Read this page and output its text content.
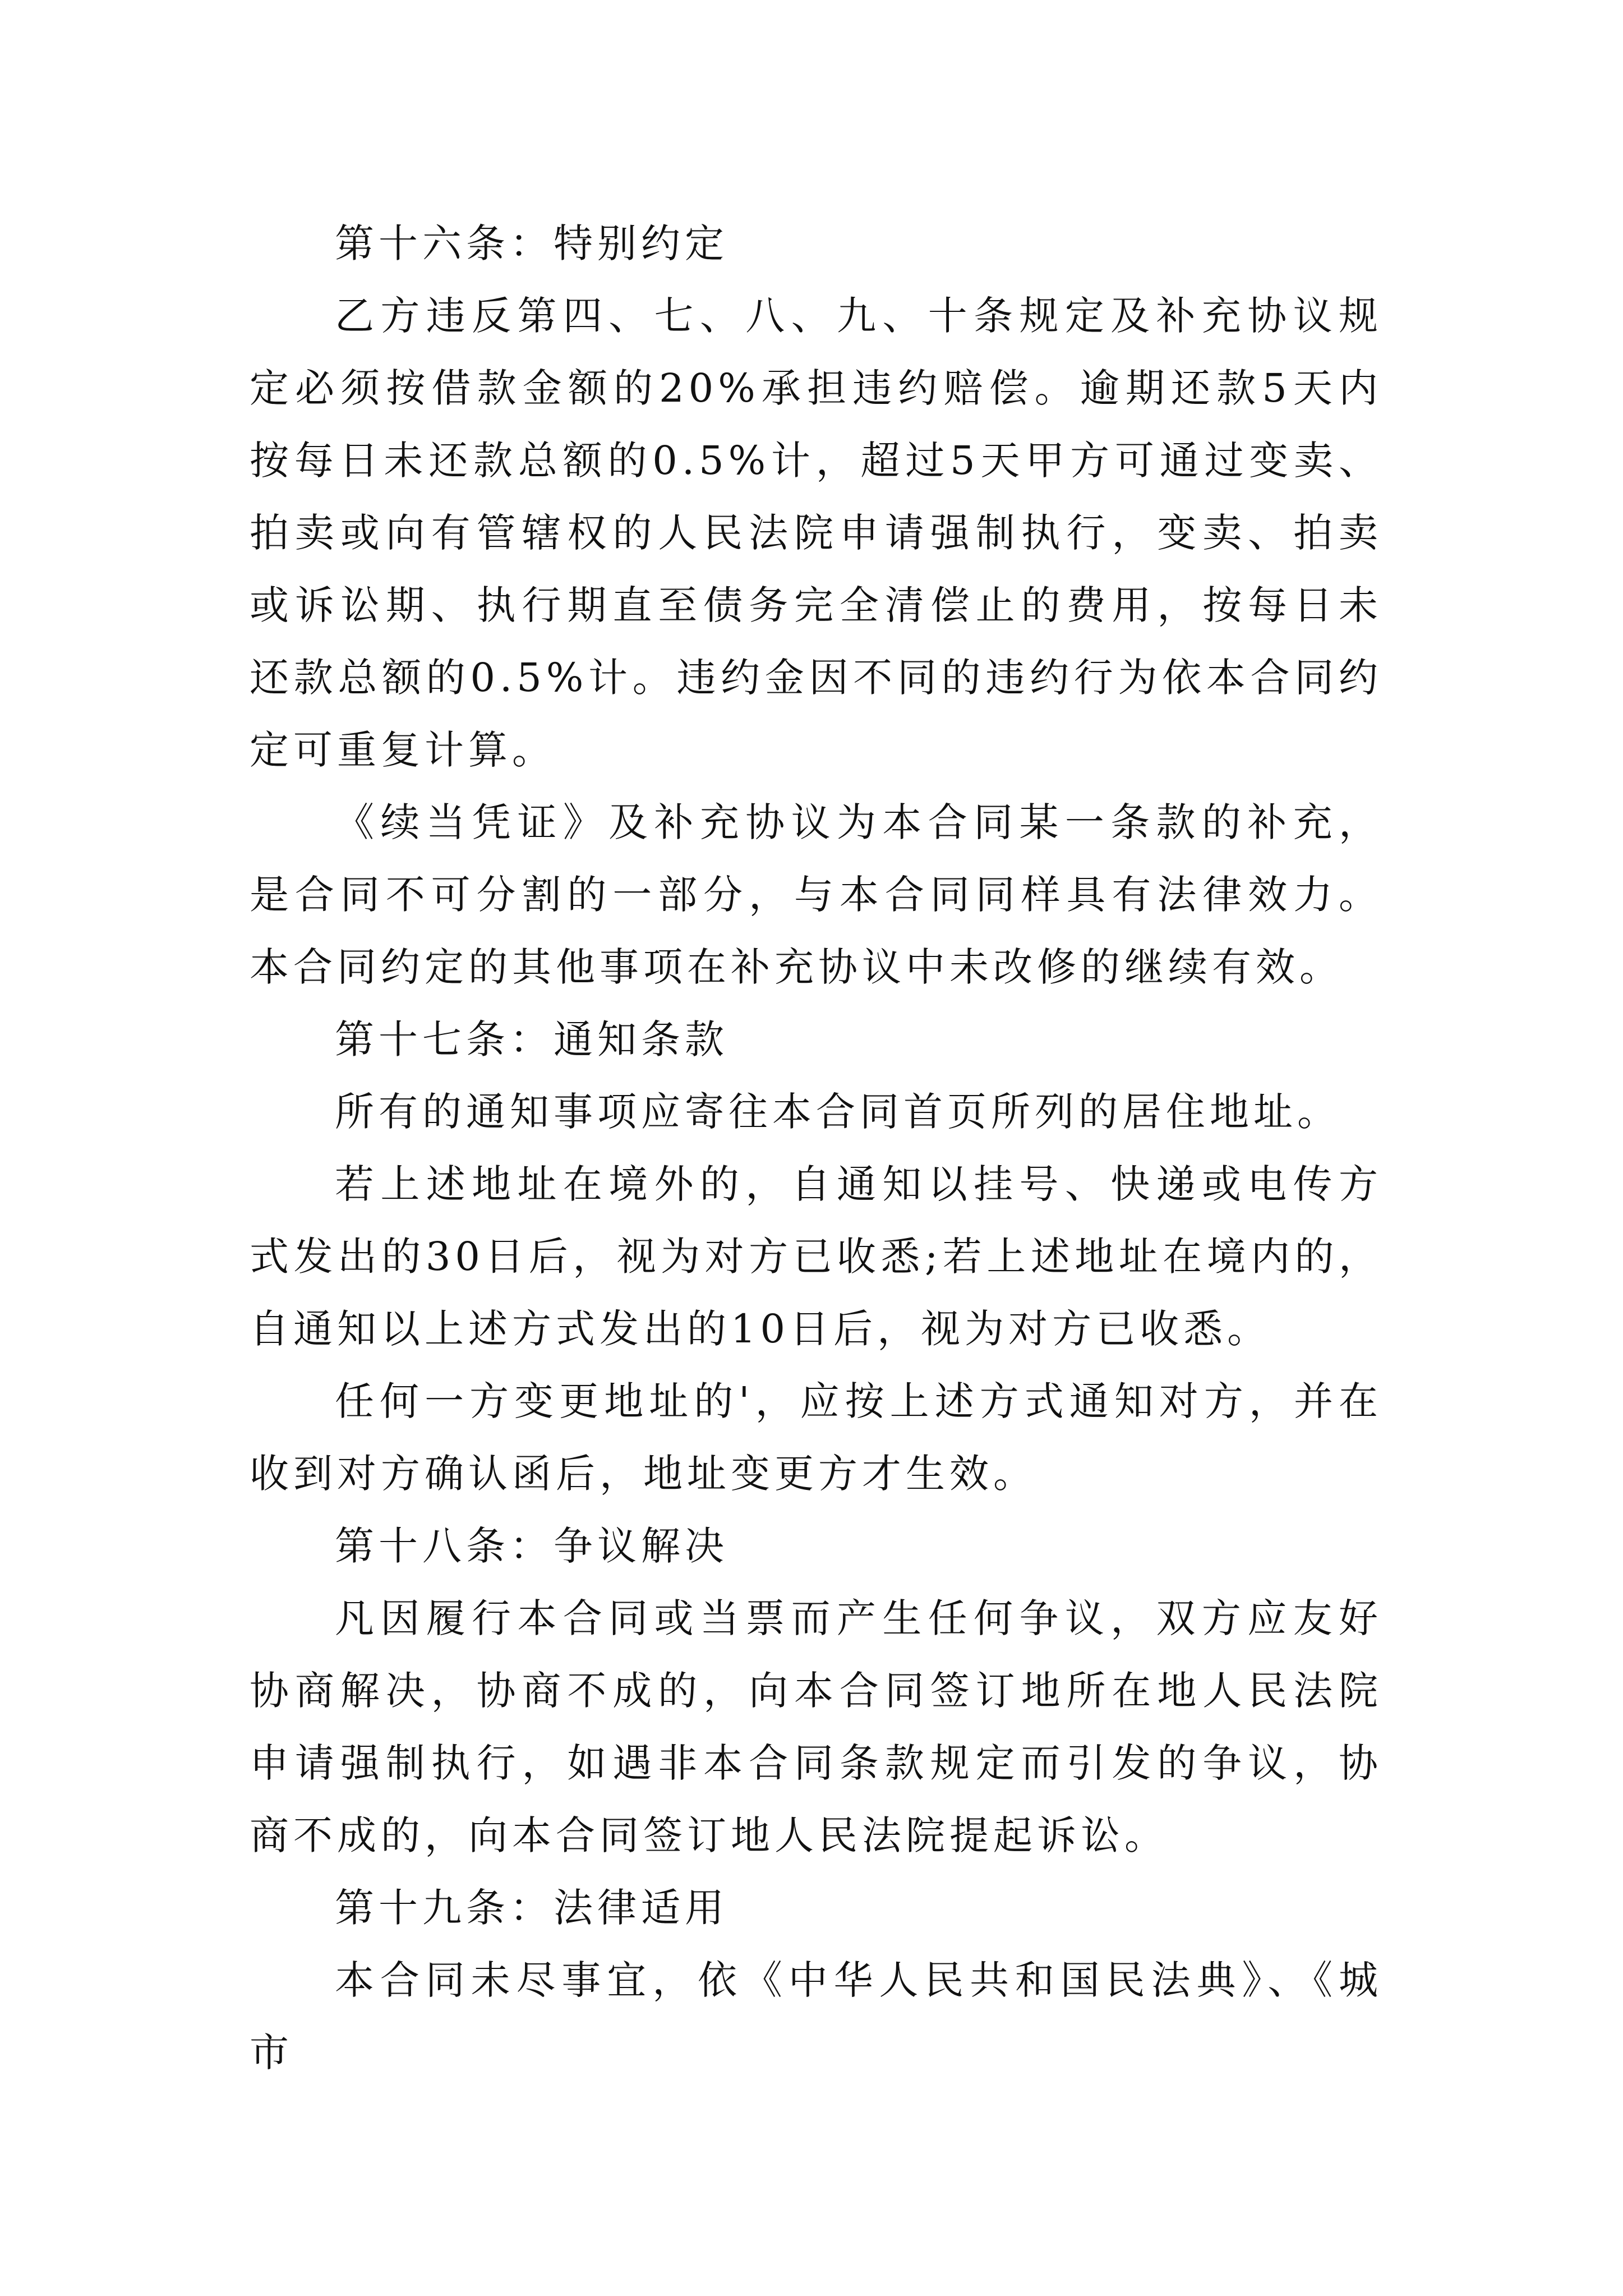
第十六条：特别约定

乙方违反第四、七、八、九、十条规定及补充协议规定必须按借款金额的20%承担违约赔偿。逾期还款5天内按每日未还款总额的0.5%计，超过5天甲方可通过变卖、拍卖或向有管辖权的人民法院申请强制执行，变卖、拍卖或诉讼期、执行期直至债务完全清偿止的费用，按每日未还款总额的0.5%计。违约金因不同的违约行为依本合同约定可重复计算。

《续当凭证》及补充协议为本合同某一条款的补充，是合同不可分割的一部分，与本合同同样具有法律效力。本合同约定的其他事项在补充协议中未改修的继续有效。

第十七条：通知条款

所有的通知事项应寄往本合同首页所列的居住地址。

若上述地址在境外的，自通知以挂号、快递或电传方式发出的30日后，视为对方已收悉;若上述地址在境内的，自通知以上述方式发出的10日后，视为对方已收悉。

任何一方变更地址的'，应按上述方式通知对方，并在收到对方确认函后，地址变更方才生效。

第十八条：争议解决

凡因履行本合同或当票而产生任何争议，双方应友好协商解决，协商不成的，向本合同签订地所在地人民法院申请强制执行，如遇非本合同条款规定而引发的争议，协商不成的，向本合同签订地人民法院提起诉讼。

第十九条：法律适用

本合同未尽事宜，依《中华人民共和国民法典》、《城市
